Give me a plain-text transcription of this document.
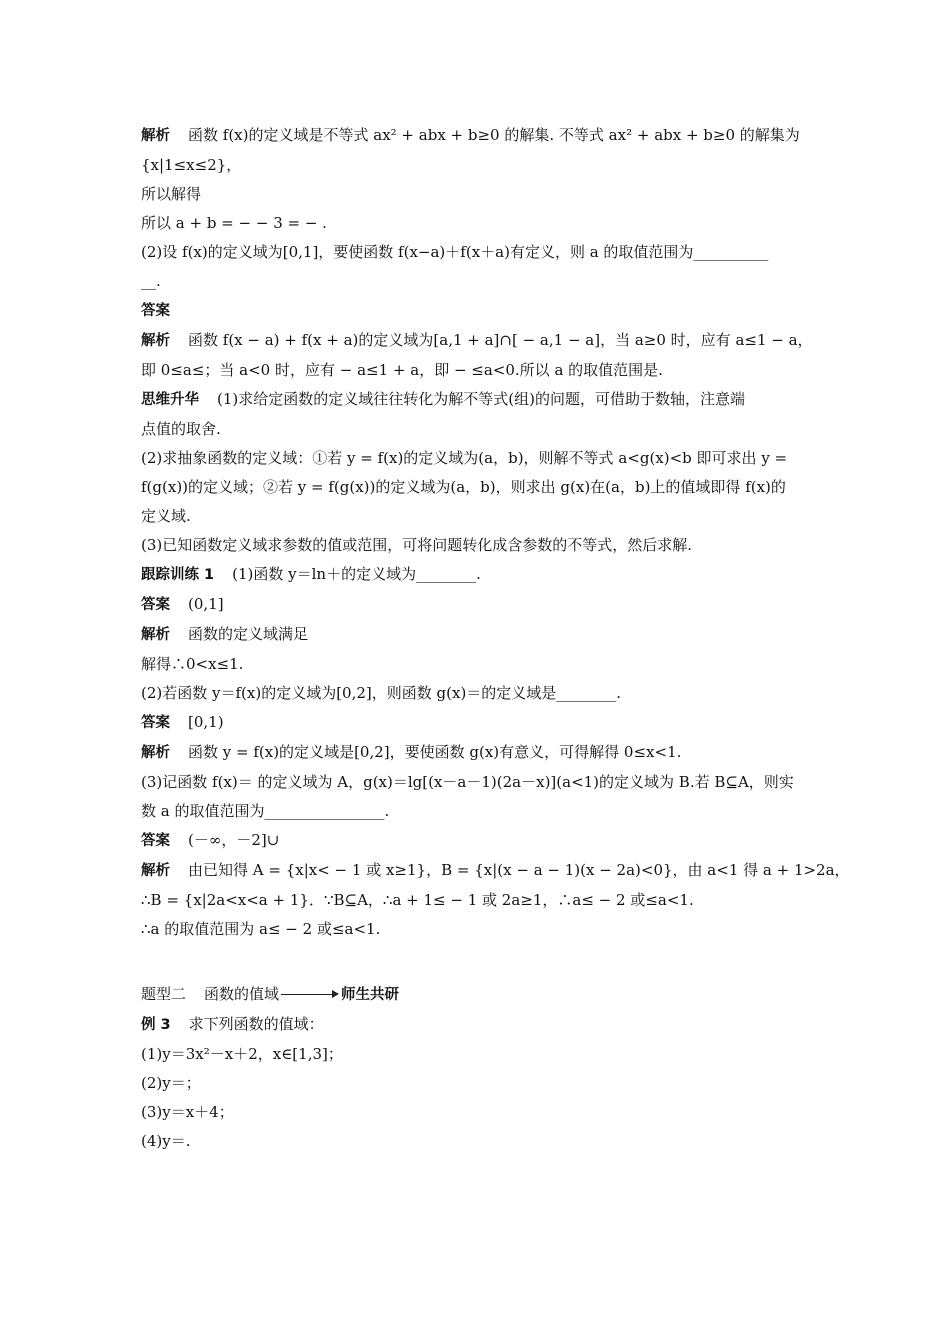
解析 函数 f(x)的定义域是不等式 ax² + abx + b≥0 的解集. 不等式 ax² + abx + b≥0 的解集为
{x|1≤x≤2}，
所以解得
所以 a + b = − − 3 = − .
(2)设 f(x)的定义域为[0,1]，要使函数 f(x−a)＋f(x＋a)有定义，则 a 的取值范围为__________
__.
答案
解析 函数 f(x − a) + f(x + a)的定义域为[a,1 + a]∩[ − a,1 − a]，当 a≥0 时，应有 a≤1 − a，
即 0≤a≤；当 a<0 时，应有 − a≤1 + a，即 − ≤a<0.所以 a 的取值范围是.
思维升华 (1)求给定函数的定义域往往转化为解不等式(组)的问题，可借助于数轴，注意端
点值的取舍.
(2)求抽象函数的定义域：①若 y = f(x)的定义域为(a，b)，则解不等式 a<g(x)<b 即可求出 y =
f(g(x))的定义域；②若 y = f(g(x))的定义域为(a，b)，则求出 g(x)在(a，b)上的值域即得 f(x)的
定义域.
(3)已知函数定义域求参数的值或范围，可将问题转化成含参数的不等式，然后求解.
跟踪训练 1 (1)函数 y＝ln＋的定义域为________.
答案 (0,1]
解析 函数的定义域满足
解得∴0<x≤1.
(2)若函数 y＝f(x)的定义域为[0,2]，则函数 g(x)＝的定义域是________.
答案 [0,1)
解析 函数 y = f(x)的定义域是[0,2]，要使函数 g(x)有意义，可得解得 0≤x<1.
(3)记函数 f(x)＝ 的定义域为 A，g(x)＝lg[(x－a－1)(2a－x)](a<1)的定义域为 B.若 B⊆A，则实
数 a 的取值范围为________________.
答案 (－∞，－2]∪
解析 由已知得 A = {x|x< − 1 或 x≥1}，B = {x|(x − a − 1)(x − 2a)<0}，由 a<1 得 a + 1>2a，
∴B = {x|2a<x<a + 1}．∵B⊆A，∴a + 1≤ − 1 或 2a≥1，∴a≤ − 2 或≤a<1.
∴a 的取值范围为 a≤ − 2 或≤a<1.
题型二 函数的值域	师生共研
例 3 求下列函数的值域：
(1)y＝3x²－x＋2，x∈[1,3]；
(2)y＝；
(3)y＝x＋4；
(4)y＝.
